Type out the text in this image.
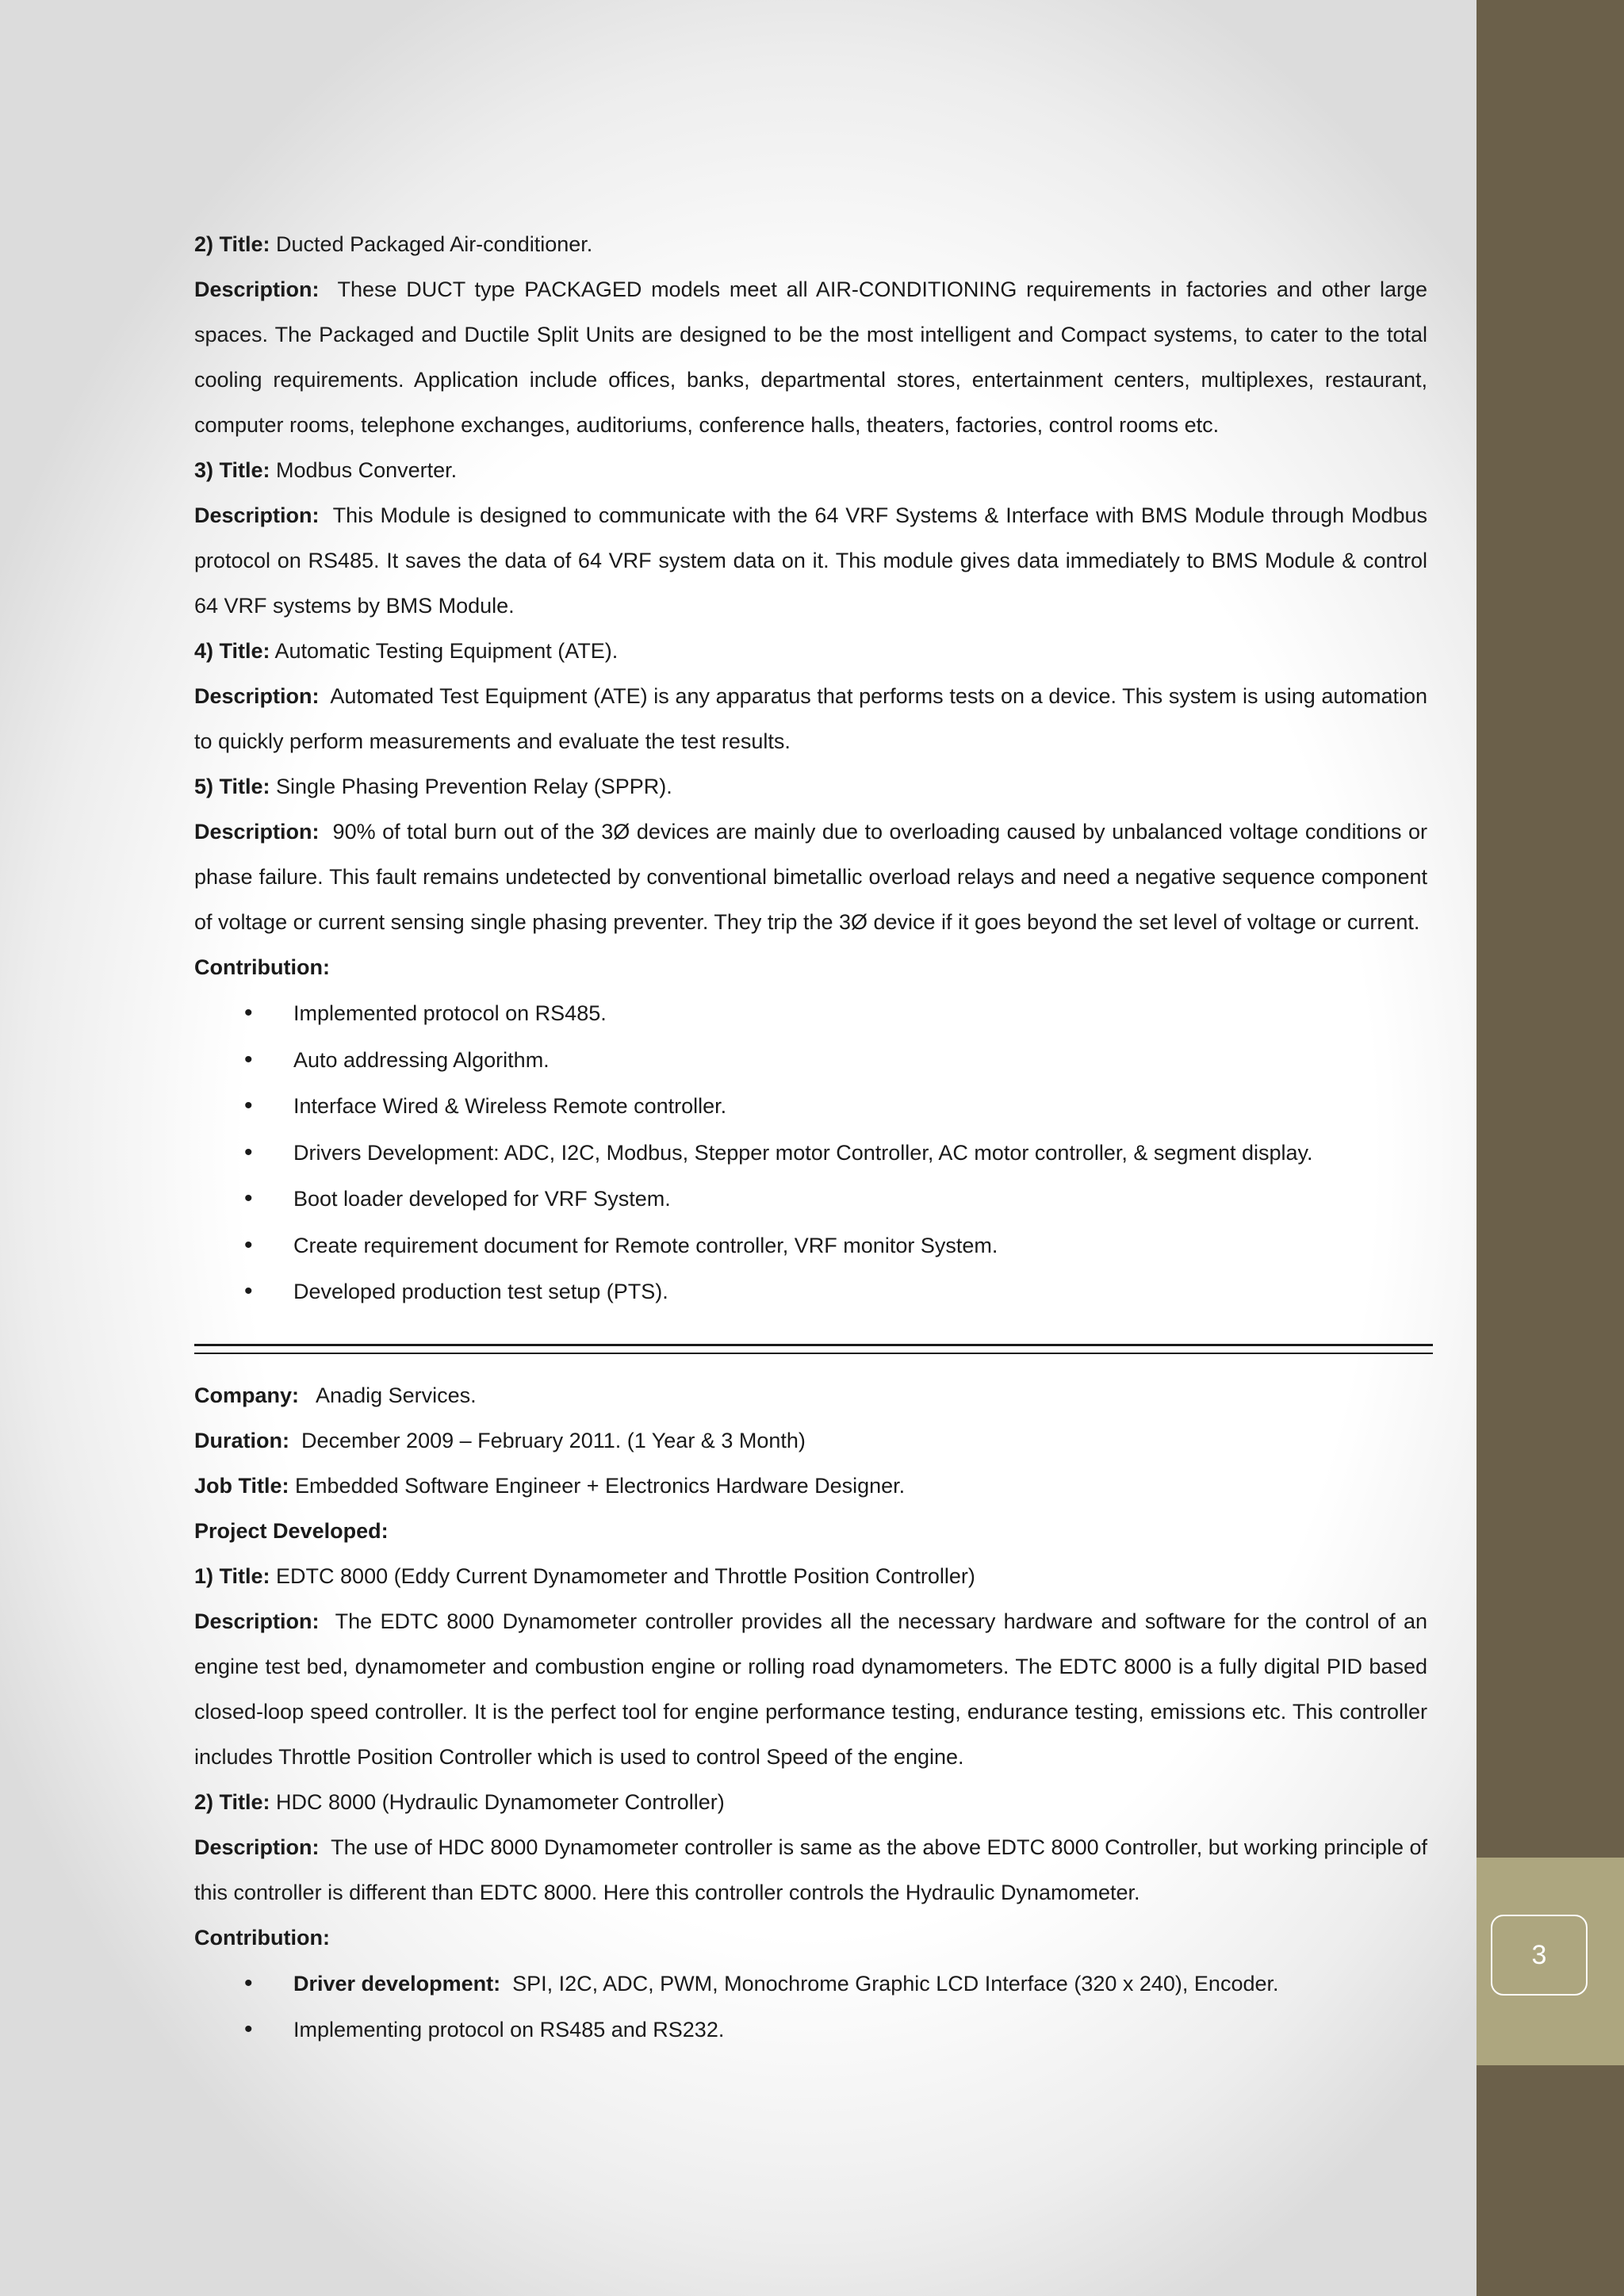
3

2) Title: Ducted Packaged Air-conditioner.

Description: These DUCT type PACKAGED models meet all AIR-CONDITIONING requirements in factories and other large spaces. The Packaged and Ductile Split Units are designed to be the most intelligent and Compact systems, to cater to the total cooling requirements. Application include offices, banks, departmental stores, entertainment centers, multiplexes, restaurant, computer rooms, telephone exchanges, auditoriums, conference halls, theaters, factories, control rooms etc.

3) Title: Modbus Converter.

Description: This Module is designed to communicate with the 64 VRF Systems & Interface with BMS Module through Modbus protocol on RS485. It saves the data of 64 VRF system data on it. This module gives data immediately to BMS Module & control 64 VRF systems by BMS Module.

4) Title: Automatic Testing Equipment (ATE).

Description: Automated Test Equipment (ATE) is any apparatus that performs tests on a device. This system is using automation to quickly perform measurements and evaluate the test results.

5) Title: Single Phasing Prevention Relay (SPPR).

Description: 90% of total burn out of the 3Ø devices are mainly due to overloading caused by unbalanced voltage conditions or phase failure. This fault remains undetected by conventional bimetallic overload relays and need a negative sequence component of voltage or current sensing single phasing preventer. They trip the 3Ø device if it goes beyond the set level of voltage or current.

Contribution:

• Implemented protocol on RS485.
• Auto addressing Algorithm.
• Interface Wired & Wireless Remote controller.
• Drivers Development: ADC, I2C, Modbus, Stepper motor Controller, AC motor controller, & segment display.
• Boot loader developed for VRF System.
• Create requirement document for Remote controller, VRF monitor System.
• Developed production test setup (PTS).

Company: Anadig Services.

Duration: December 2009 – February 2011. (1 Year & 3 Month)

Job Title: Embedded Software Engineer + Electronics Hardware Designer.

Project Developed:

1) Title: EDTC 8000 (Eddy Current Dynamometer and Throttle Position Controller)

Description: The EDTC 8000 Dynamometer controller provides all the necessary hardware and software for the control of an engine test bed, dynamometer and combustion engine or rolling road dynamometers. The EDTC 8000 is a fully digital PID based closed-loop speed controller. It is the perfect tool for engine performance testing, endurance testing, emissions etc. This controller includes Throttle Position Controller which is used to control Speed of the engine.

2) Title: HDC 8000 (Hydraulic Dynamometer Controller)

Description: The use of HDC 8000 Dynamometer controller is same as the above EDTC 8000 Controller, but working principle of this controller is different than EDTC 8000. Here this controller controls the Hydraulic Dynamometer.

Contribution:

• Driver development: SPI, I2C, ADC, PWM, Monochrome Graphic LCD Interface (320 x 240), Encoder.
• Implementing protocol on RS485 and RS232.
